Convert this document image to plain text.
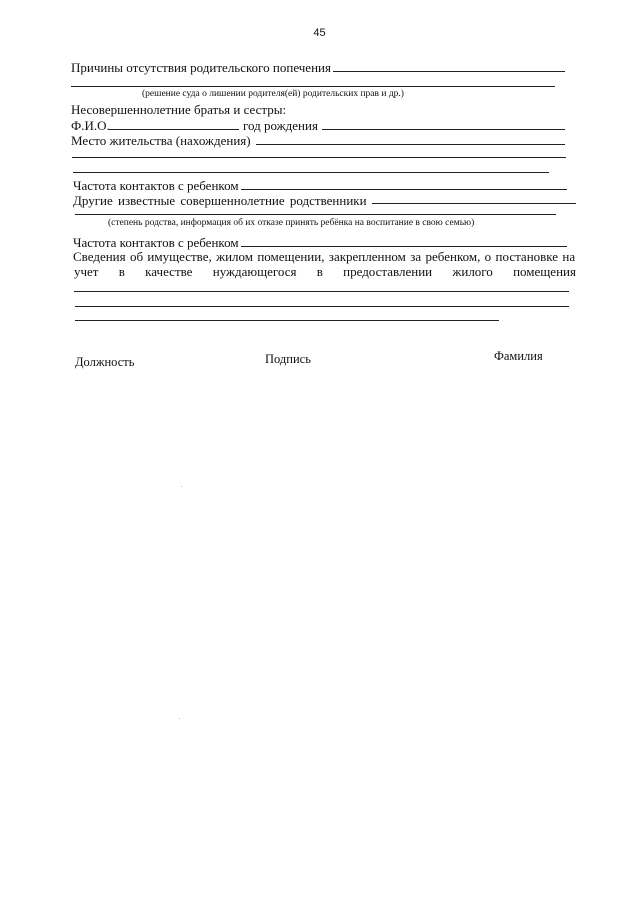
45
Причины отсутствия родительского попечения
(решение суда о лишении родителя(ей) родительских прав и др.)
Несовершеннолетние братья и сестры:
Ф.И.О.	год рождения
Место жительства (нахождения)
Частота контактов с ребенком
Другие известные совершеннолетние родственники
(степень родства, информация об их отказе принять ребёнка на воспитание в свою семью)
Частота контактов с ребенком
Сведения об имуществе, жилом помещении, закрепленном за ребенком, о постановке на
учет в качестве нуждающегося в предоставлении жилого помещения
Должность	Подпись	Фамилия
